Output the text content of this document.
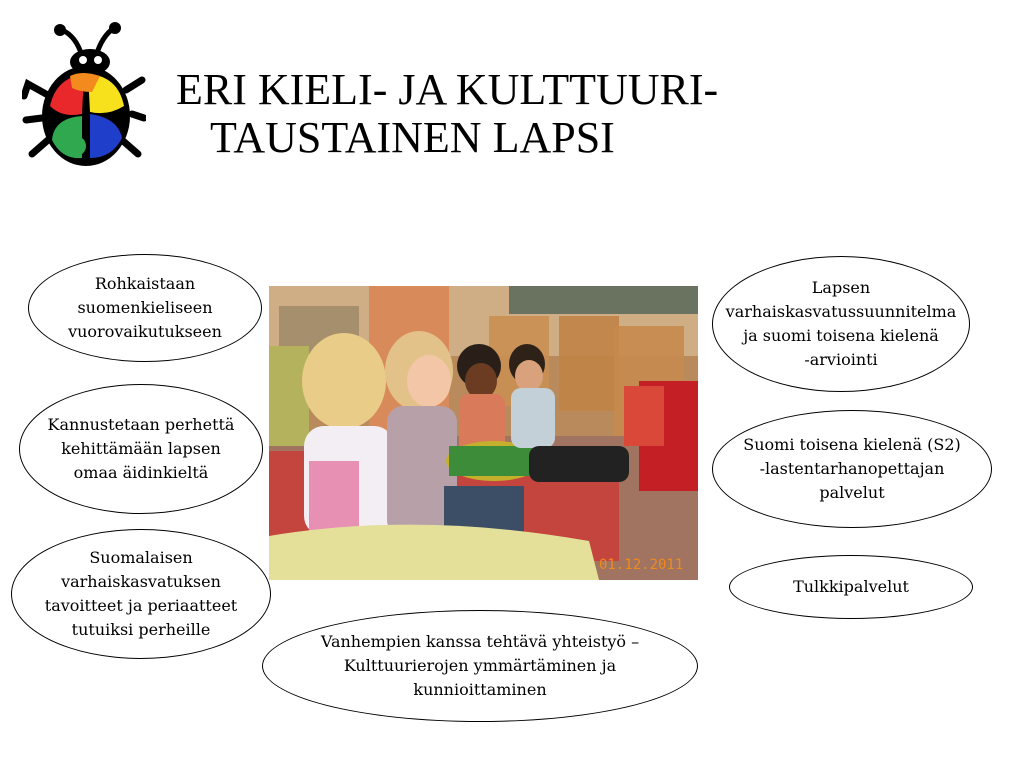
ERI KIELI- JA KULTTUURI-
TAUSTAINEN LAPSI
Rohkaistaan
suomenkieliseen
vuorovaikutukseen
Kannustetaan perhettä
kehittämään lapsen
omaa äidinkieltä
Suomalaisen
varhaiskasvatuksen
tavoitteet ja periaatteet
tutuiksi perheille
01.12.2011
Lapsen
varhaiskasvatussuunnitelma
ja suomi toisena kielenä
-arviointi
Suomi toisena kielenä (S2)
-lastentarhanopettajan
palvelut
Tulkkipalvelut
Vanhempien kanssa tehtävä yhteistyö –
Kulttuurierojen ymmärtäminen ja
kunnioittaminen
